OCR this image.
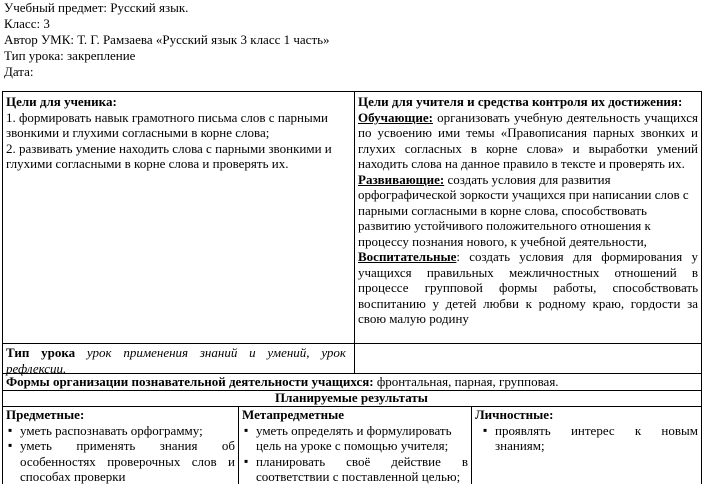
Учебный предмет: Русский язык.
Класс: 3
Автор УМК: Т. Г. Рамзаева «Русский язык 3 класс 1 часть»
Тип урока: закрепление
Дата:
Цели для ученика:
1. формировать навык грамотного письма слов с парными звонкими и глухими согласными в корне слова;
2. развивать умение находить слова с парными звонкими и глухими согласными в корне слова и проверять их.
Цели для учителя и средства контроля их достижения:
Обучающие: организовать учебную деятельность учащихся по усвоению ими темы «Правописания парных звонких и глухих согласных в корне слова» и выработки умений находить слова на данное правило в тексте и проверять их.
Развивающие: создать условия для развития орфографической зоркости учащихся при написании слов с парными согласными в корне слова, способствовать развитию устойчивого положительного отношения к процессу познания нового, к учебной деятельности,
Воспитательные: создать условия для формирования у учащихся правильных межличностных отношений в процессе групповой формы работы, способствовать воспитанию у детей любви к родному краю, гордости за свою малую родину
Тип урока урок применения знаний и умений, урок рефлексии.
Формы организации познавательной деятельности учащихся: фронтальная, парная, групповая.
Планируемые результаты
Предметные:
▪ уметь распознавать орфограмму;
▪ уметь применять знания об особенностях проверочных слов и способах проверки
Метапредметные
▪ уметь определять и формулировать цель на уроке с помощью учителя;
▪ планировать своё действие в соответствии с поставленной целью;
Личностные:
▪ проявлять интерес к новым знаниям;
